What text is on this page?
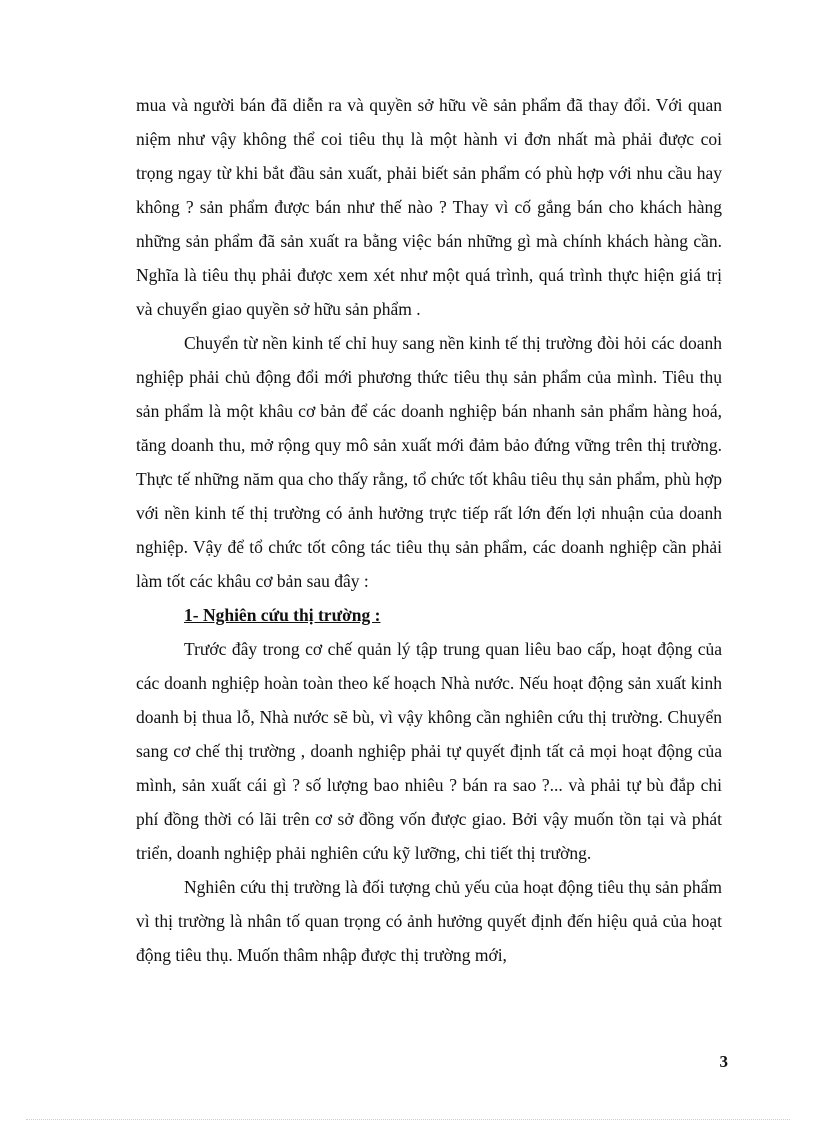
mua và người bán đã diễn ra và quyền sở hữu về sản phẩm đã thay đổi. Với quan niệm như vậy không thể coi tiêu thụ là một hành vi đơn nhất mà phải được coi trọng ngay từ khi bắt đầu sản xuất, phải biết sản phẩm có phù hợp với nhu cầu hay không ? sản phẩm được bán như thế nào ? Thay vì cố gắng bán cho khách hàng những sản phẩm đã sản xuất ra bằng việc bán những gì mà chính khách hàng cần. Nghĩa là tiêu thụ phải được xem xét như một quá trình, quá trình thực hiện giá trị và chuyển giao quyền sở hữu sản phẩm .

Chuyển từ nền kinh tế chỉ huy sang nền kinh tế thị trường đòi hỏi các doanh nghiệp phải chủ động đổi mới phương thức tiêu thụ sản phẩm của mình. Tiêu thụ sản phẩm là một khâu cơ bản để các doanh nghiệp bán nhanh sản phẩm hàng hoá, tăng doanh thu, mở rộng quy mô sản xuất mới đảm bảo đứng vững trên thị trường. Thực tế những năm qua cho thấy rằng, tổ chức tốt khâu tiêu thụ sản phẩm, phù hợp với nền kinh tế thị trường có ảnh hưởng trực tiếp rất lớn đến lợi nhuận của doanh nghiệp. Vậy để tổ chức tốt công tác tiêu thụ sản phẩm, các doanh nghiệp cần phải làm tốt các khâu cơ bản sau đây :

1- Nghiên cứu thị trường :

Trước đây trong cơ chế quản lý tập trung quan liêu bao cấp, hoạt động của các doanh nghiệp hoàn toàn theo kế hoạch Nhà nước. Nếu hoạt động sản xuất kinh doanh bị thua lỗ, Nhà nước sẽ bù, vì vậy không cần nghiên cứu thị trường. Chuyển sang cơ chế thị trường , doanh nghiệp phải tự quyết định tất cả mọi hoạt động của mình, sản xuất cái gì ? số lượng bao nhiêu ? bán ra sao ?... và phải tự bù đắp chi phí đồng thời có lãi trên cơ sở đồng vốn được giao. Bởi vậy muốn tồn tại và phát triển, doanh nghiệp phải nghiên cứu kỹ lưỡng, chi tiết thị trường.

Nghiên cứu thị trường là đối tượng chủ yếu của hoạt động tiêu thụ sản phẩm vì thị trường là nhân tố quan trọng có ảnh hưởng quyết định đến hiệu quả của hoạt động tiêu thụ. Muốn thâm nhập được thị trường mới,

3
